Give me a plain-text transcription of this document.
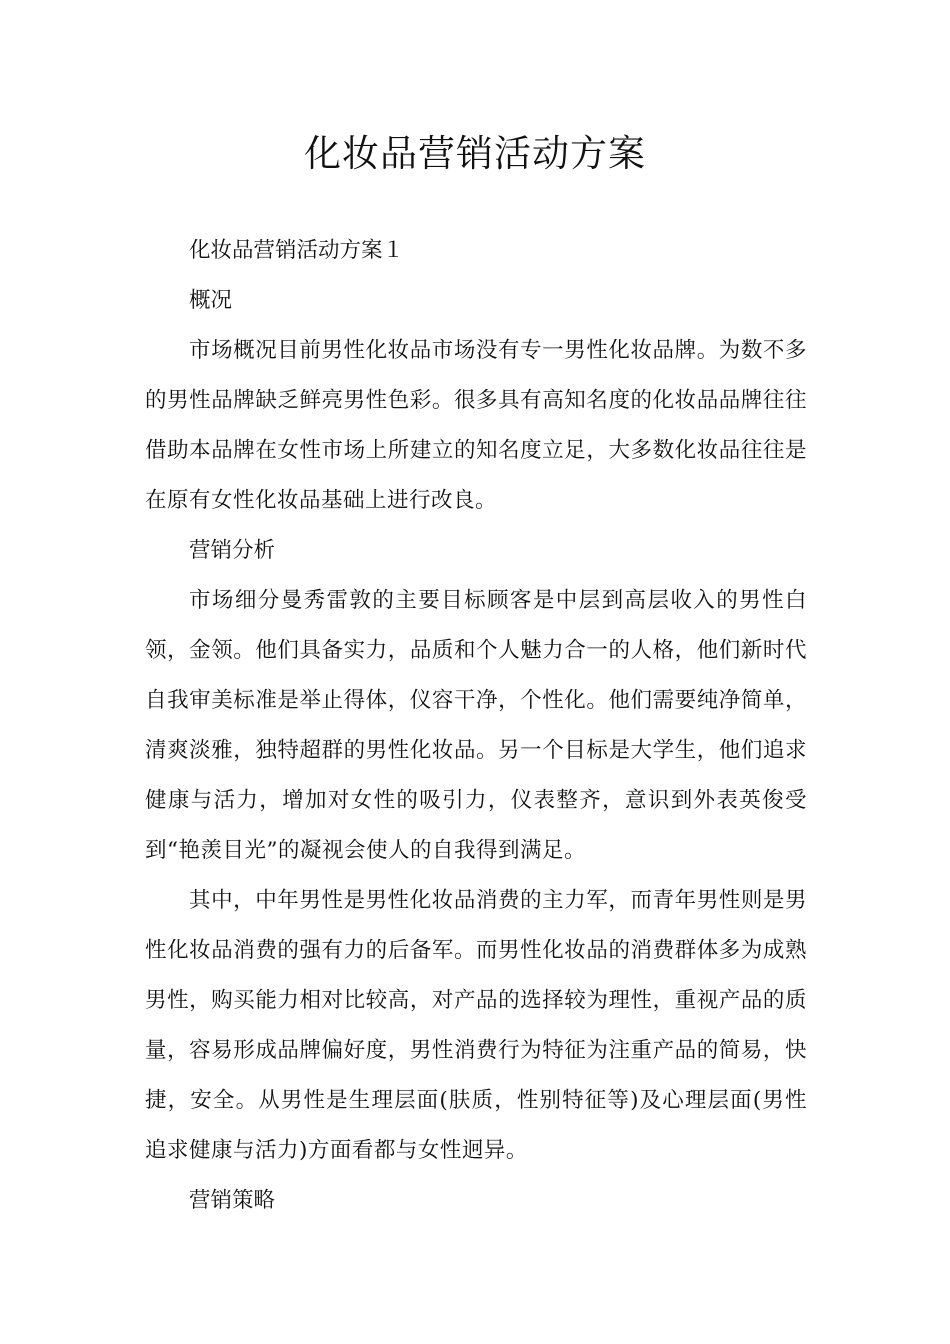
化妆品营销活动方案

化妆品营销活动方案１

概况

市场概况目前男性化妆品市场没有专一男性化妆品牌。为数不多的男性品牌缺乏鲜亮男性色彩。很多具有高知名度的化妆品品牌往往借助本品牌在女性市场上所建立的知名度立足，大多数化妆品往往是在原有女性化妆品基础上进行改良。

营销分析

市场细分曼秀雷敦的主要目标顾客是中层到高层收入的男性白领，金领。他们具备实力，品质和个人魅力合一的人格，他们新时代自我审美标准是举止得体，仪容干净，个性化。他们需要纯净简单，清爽淡雅，独特超群的男性化妆品。另一个目标是大学生，他们追求健康与活力，增加对女性的吸引力，仪表整齐，意识到外表英俊受到“艳羡目光”的凝视会使人的自我得到满足。

其中，中年男性是男性化妆品消费的主力军，而青年男性则是男性化妆品消费的强有力的后备军。而男性化妆品的消费群体多为成熟男性，购买能力相对比较高，对产品的选择较为理性，重视产品的质量，容易形成品牌偏好度，男性消费行为特征为注重产品的简易，快捷，安全。从男性是生理层面(肤质，性别特征等)及心理层面(男性追求健康与活力)方面看都与女性迥异。

营销策略
